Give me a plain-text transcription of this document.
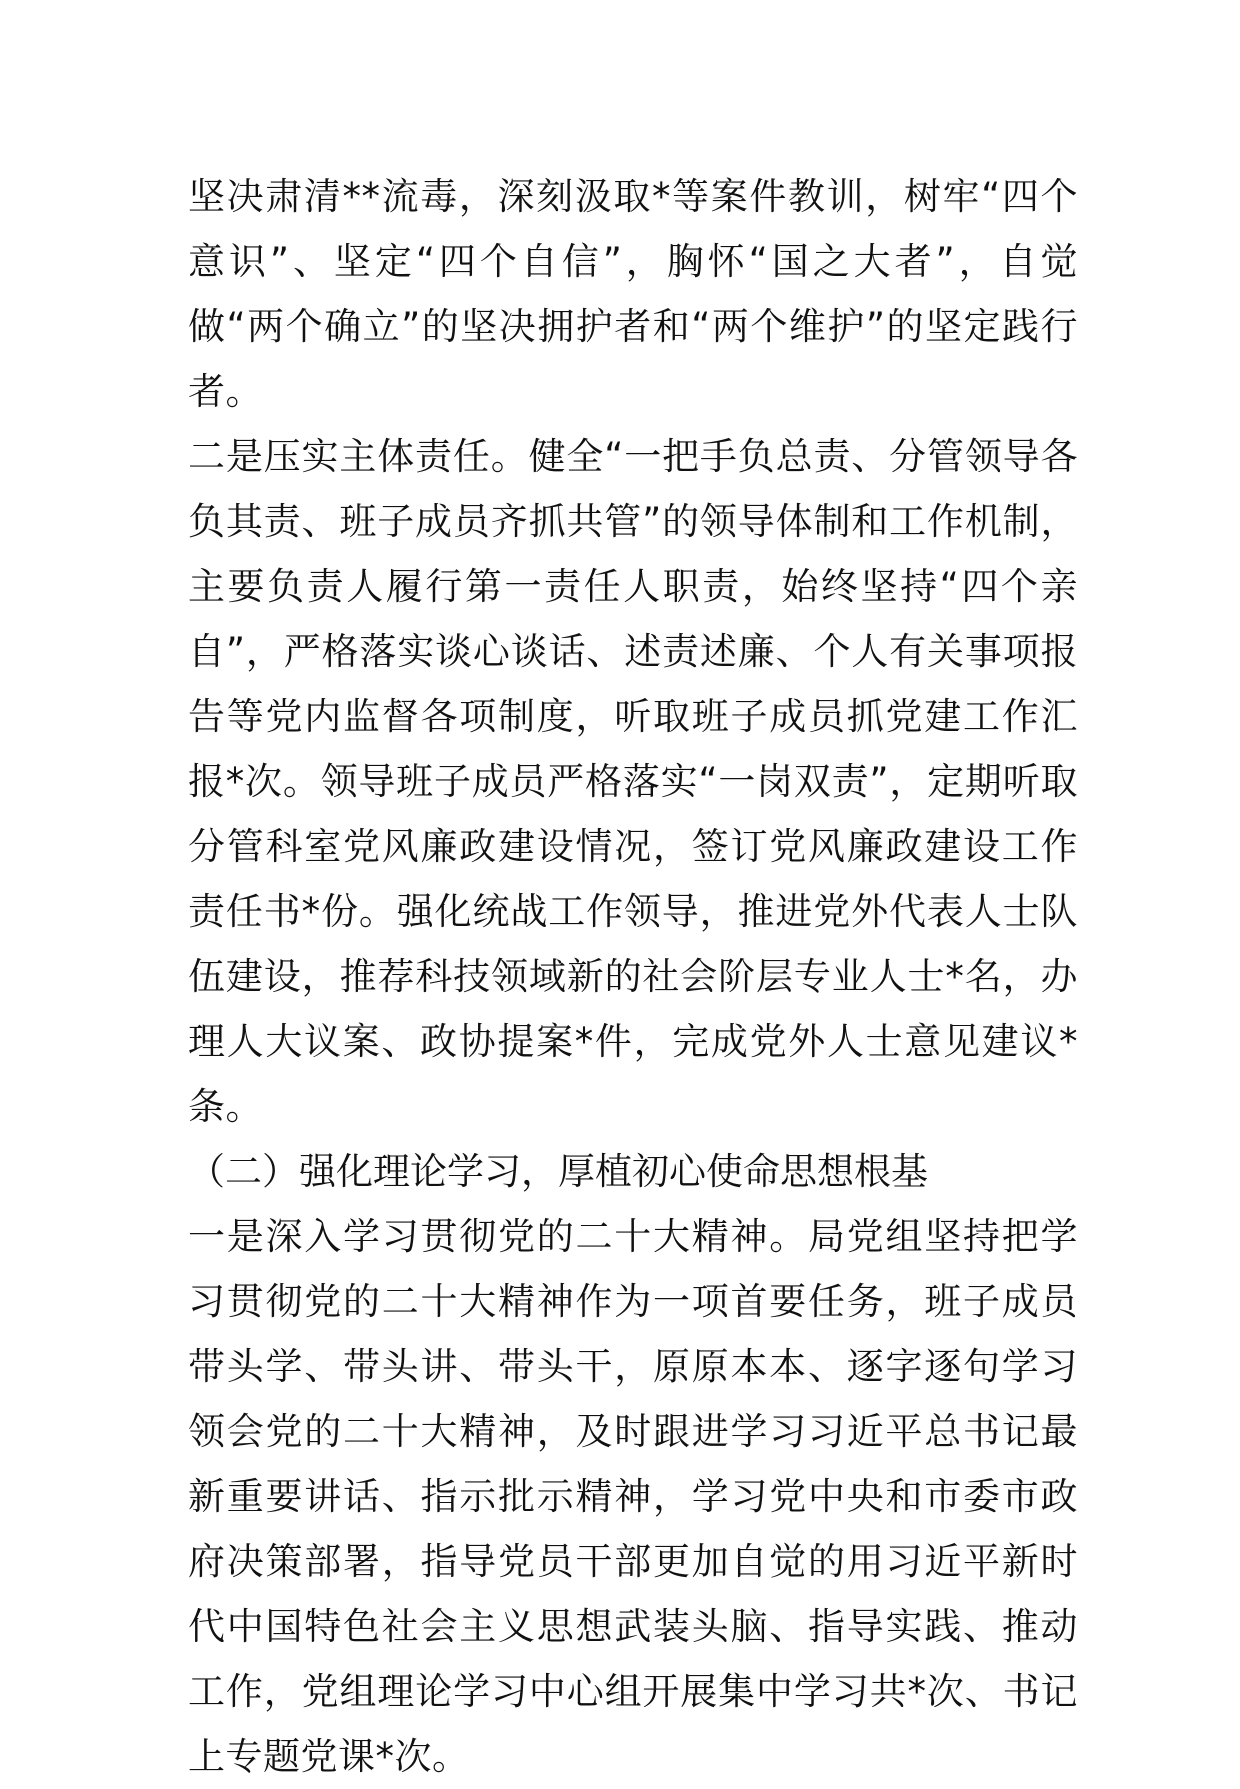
坚决肃清**流毒，深刻汲取*等案件教训，树牢“四个意识”、坚定“四个自信”，胸怀“国之大者”，自觉做“两个确立”的坚决拥护者和“两个维护”的坚定践行者。

二是压实主体责任。健全“一把手负总责、分管领导各负其责、班子成员齐抓共管”的领导体制和工作机制，主要负责人履行第一责任人职责，始终坚持“四个亲自”，严格落实谈心谈话、述责述廉、个人有关事项报告等党内监督各项制度，听取班子成员抓党建工作汇报*次。领导班子成员严格落实“一岗双责”，定期听取分管科室党风廉政建设情况，签订党风廉政建设工作责任书*份。强化统战工作领导，推进党外代表人士队伍建设，推荐科技领域新的社会阶层专业人士*名，办理人大议案、政协提案*件，完成党外人士意见建议*条。

（二）强化理论学习，厚植初心使命思想根基

一是深入学习贯彻党的二十大精神。局党组坚持把学习贯彻党的二十大精神作为一项首要任务，班子成员带头学、带头讲、带头干，原原本本、逐字逐句学习领会党的二十大精神，及时跟进学习习近平总书记最新重要讲话、指示批示精神，学习党中央和市委市政府决策部署，指导党员干部更加自觉的用习近平新时代中国特色社会主义思想武装头脑、指导实践、推动工作，党组理论学习中心组开展集中学习共*次、书记上专题党课*次。
